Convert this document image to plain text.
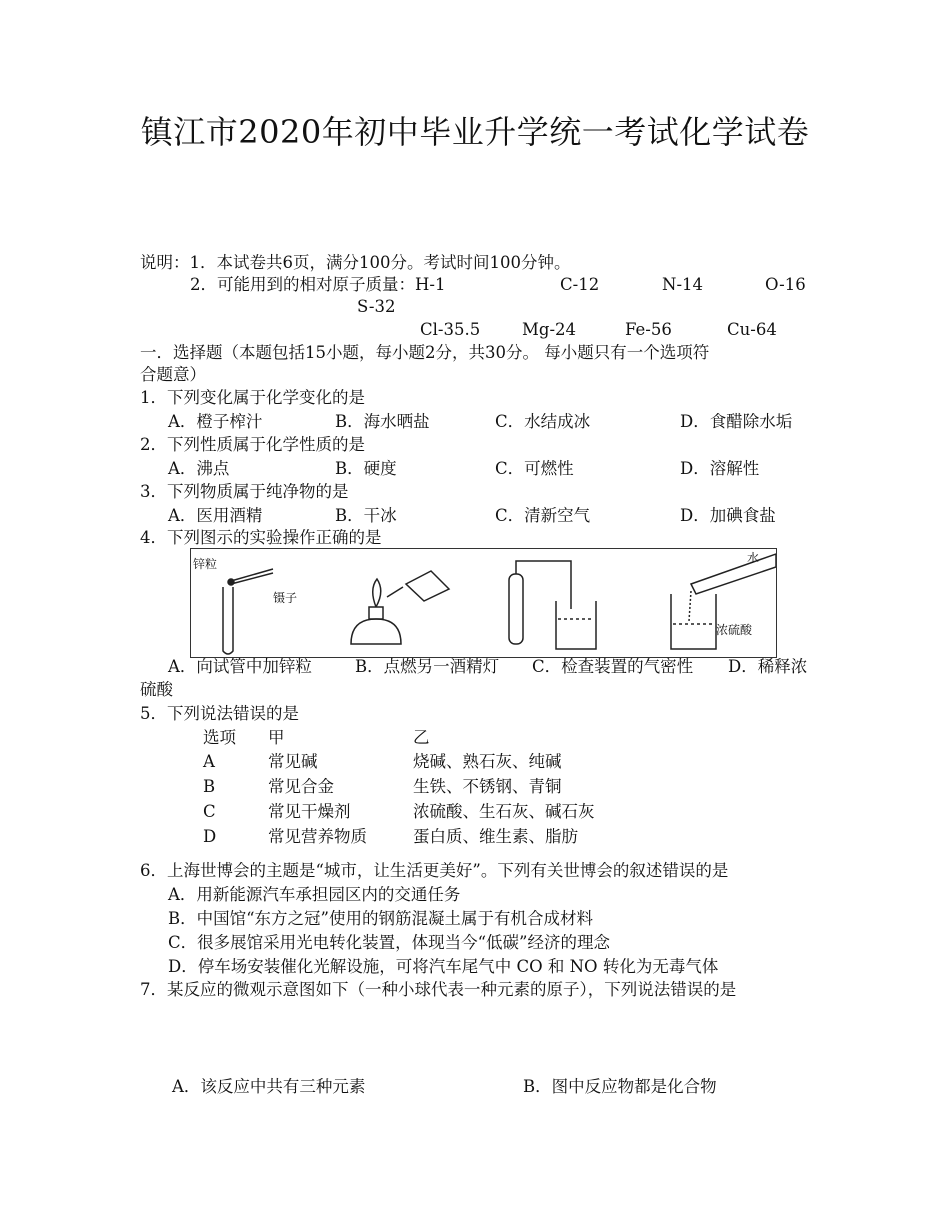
镇江市2020年初中毕业升学统一考试化学试卷
说明：1．本试卷共6页，满分100分。考试时间100分钟。
2．可能用到的相对原子质量：H-1	C-12	N-14	O-16
S-32
Cl-35.5	Mg-24	Fe-56	Cu-64
一．选择题（本题包括15小题，每小题2分，共30分。 每小题只有一个选项符
合题意）
1．下列变化属于化学变化的是
A．橙子榨汁	B．海水晒盐	C．水结成冰	D．食醋除水垢
2．下列性质属于化学性质的是
A．沸点	B．硬度	C．可燃性	D．溶解性
3．下列物质属于纯净物的是
A．医用酒精	B．干冰	C．清新空气	D．加碘食盐
4．下列图示的实验操作正确的是
锌粒
镊子
水
浓硫酸
A．向试管中加锌粒	B．点燃另一酒精灯 C．检查装置的气密性 D．稀释浓
硫酸
5．下列说法错误的是
选项 甲	乙
A	常见碱	烧碱、熟石灰、纯碱
B	常见合金	生铁、不锈钢、青铜
C	常见干燥剂	浓硫酸、生石灰、碱石灰
D	常见营养物质	蛋白质、维生素、脂肪
6．上海世博会的主题是“城市，让生活更美好”。下列有关世博会的叙述错误的是
A．用新能源汽车承担园区内的交通任务
B．中国馆“东方之冠”使用的钢筋混凝土属于有机合成材料
C．很多展馆采用光电转化装置，体现当今“低碳”经济的理念
D．停车场安装催化光解设施，可将汽车尾气中 CO 和 NO 转化为无毒气体
7．某反应的微观示意图如下（一种小球代表一种元素的原子），下列说法错误的是
A．该反应中共有三种元素	B．图中反应物都是化合物
